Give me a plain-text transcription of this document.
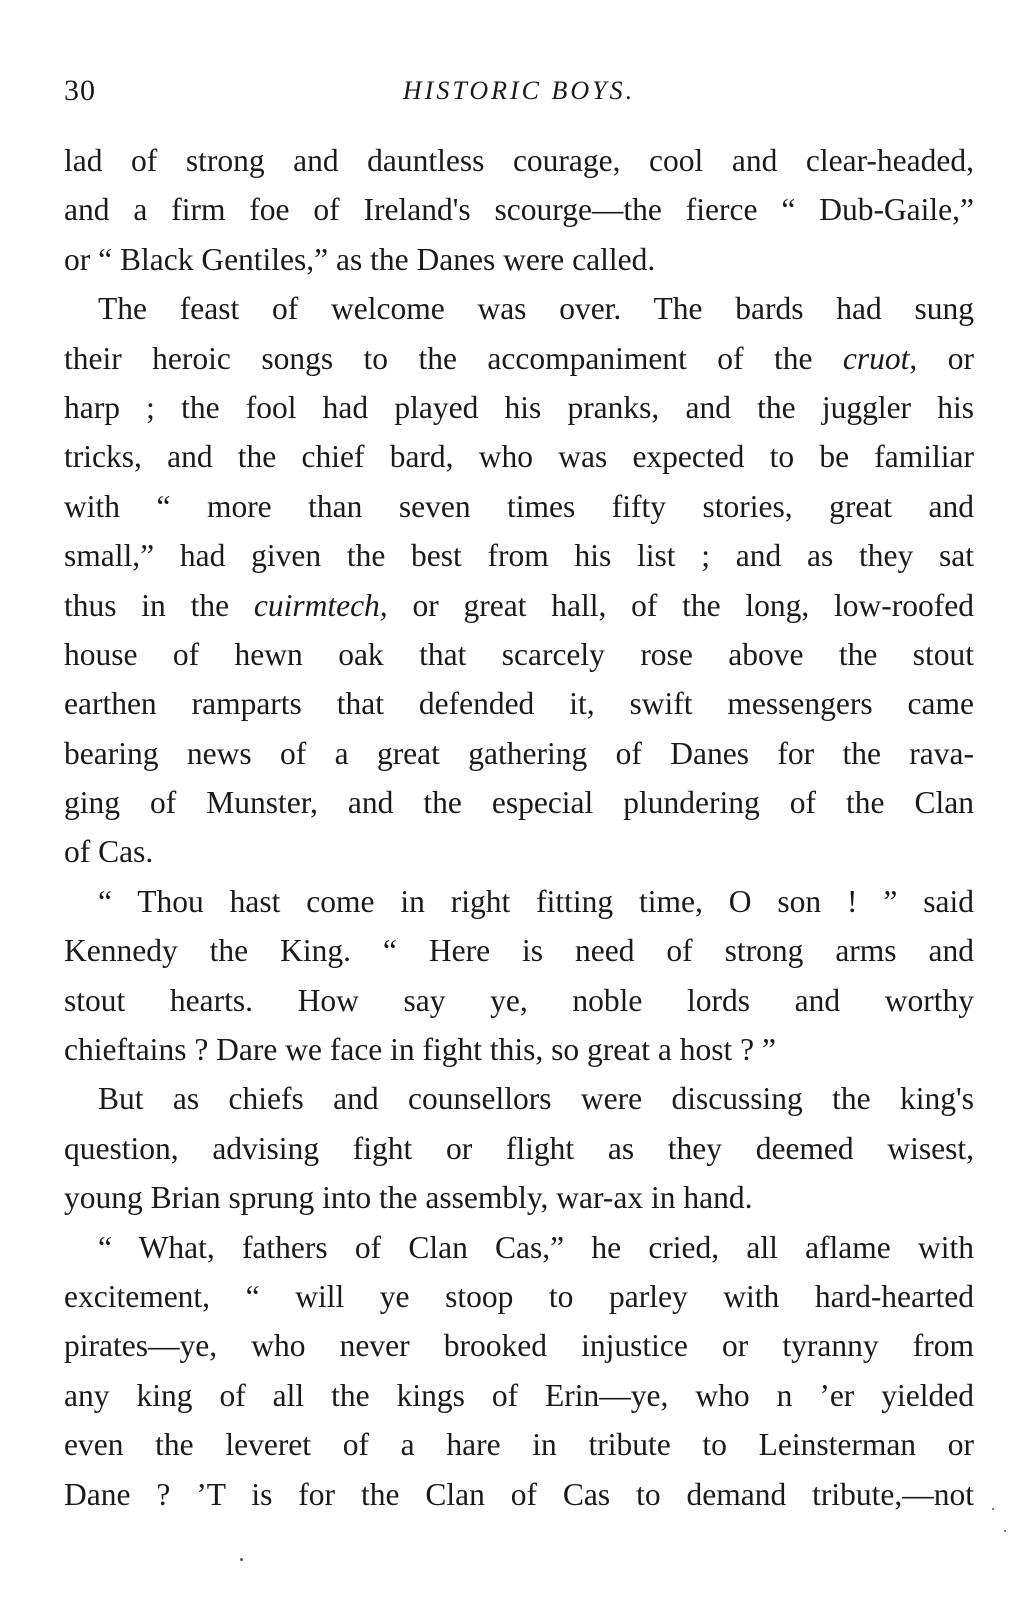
30	HISTORIC BOYS.
lad of strong and dauntless courage, cool and clear-headed,
and a firm foe of Ireland's scourge—the fierce “ Dub-Gaile,”
or “ Black Gentiles,” as the Danes were called.
The feast of welcome was over. The bards had sung
their heroic songs to the accompaniment of the cruot, or
harp ; the fool had played his pranks, and the juggler his
tricks, and the chief bard, who was expected to be familiar
with “ more than seven times fifty stories, great and
small,” had given the best from his list ; and as they sat
thus in the cuirmtech, or great hall, of the long, low-roofed
house of hewn oak that scarcely rose above the stout
earthen ramparts that defended it, swift messengers came
bearing news of a great gathering of Danes for the rava-
ging of Munster, and the especial plundering of the Clan
of Cas.
“ Thou hast come in right fitting time, O son ! ” said
Kennedy the King. “ Here is need of strong arms and
stout hearts. How say ye, noble lords and worthy
chieftains ? Dare we face in fight this, so great a host ? ”
But as chiefs and counsellors were discussing the king's
question, advising fight or flight as they deemed wisest,
young Brian sprung into the assembly, war-ax in hand.
“ What, fathers of Clan Cas,” he cried, all aflame with
excitement, “ will ye stoop to parley with hard-hearted
pirates—ye, who never brooked injustice or tyranny from
any king of all the kings of Erin—ye, who n ’er yielded
even the leveret of a hare in tribute to Leinsterman or
Dane ? ’T is for the Clan of Cas to demand tribute,—not
